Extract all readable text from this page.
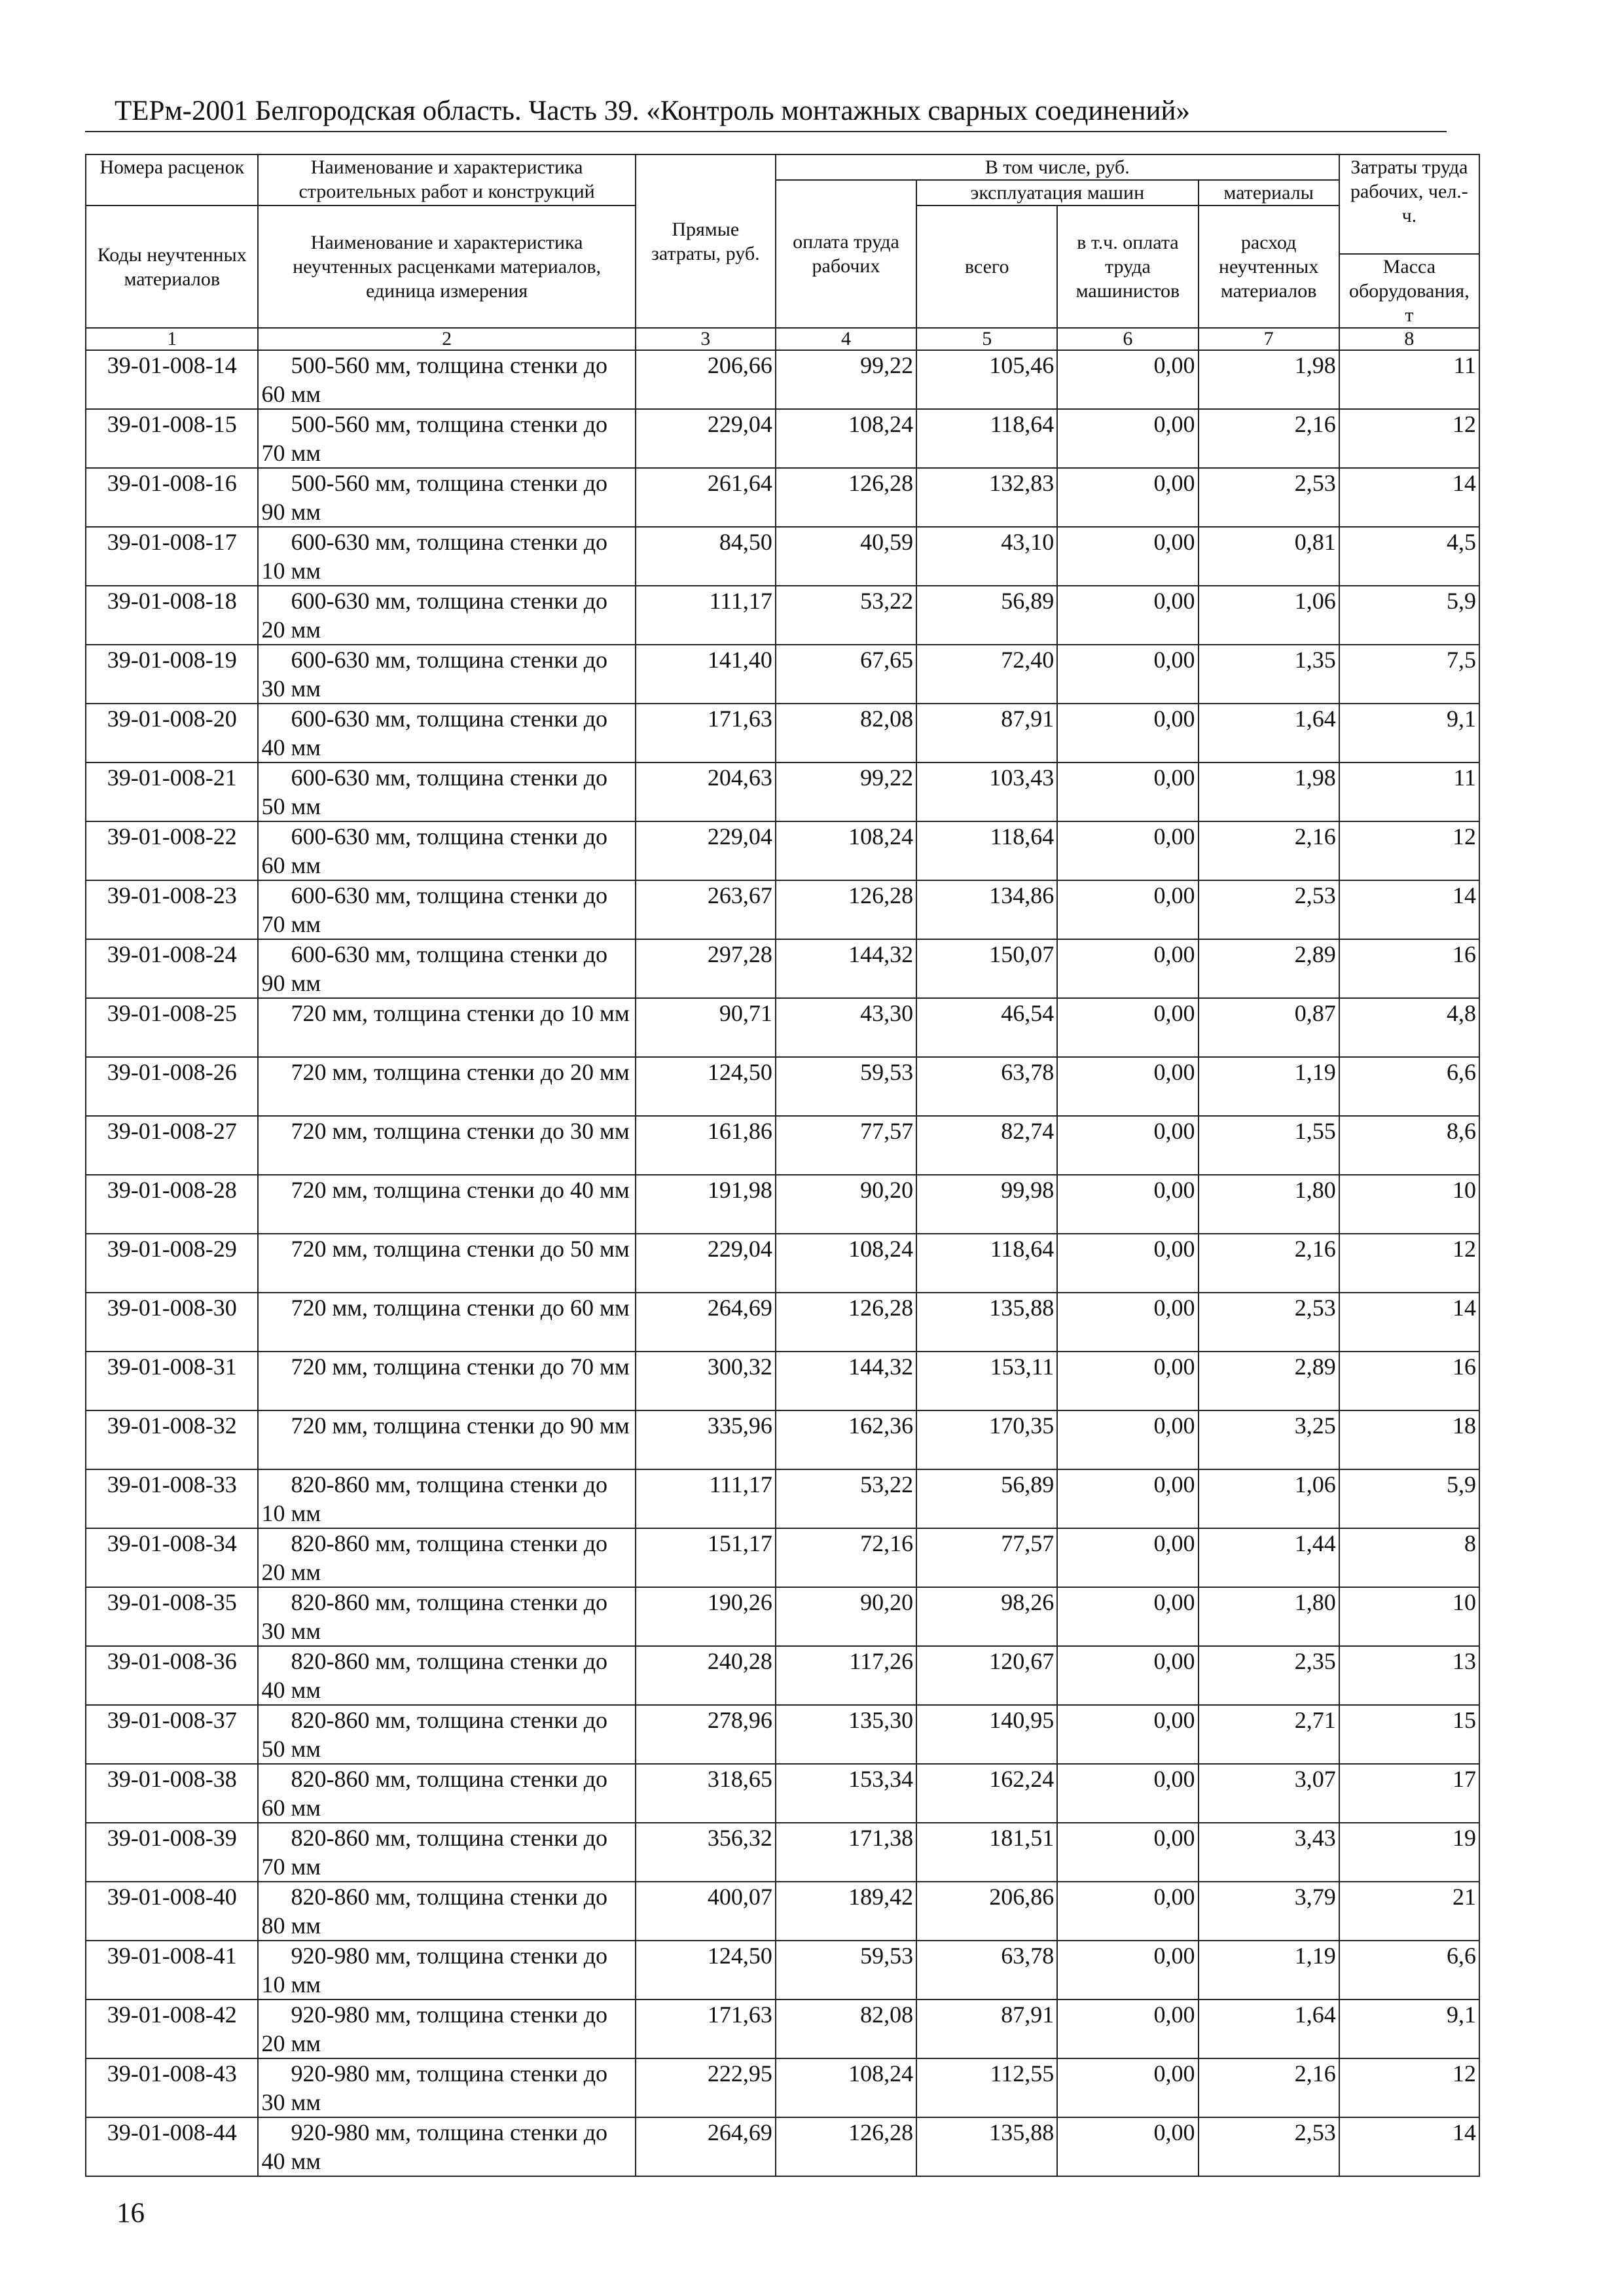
ТЕРм-2001 Белгородская область. Часть 39. «Контроль монтажных сварных соединений»
Номера расценок	Наименование и характеристика строительных работ и конструкций	Прямые затраты, руб.	В том числе, руб.				Затраты труда рабочих, чел.-ч.
			оплата труда рабочих	эксплуатация машин		материалы	
Коды неучтенных материалов	Наименование и характеристика неучтенных расценками материалов, единица измерения			всего	в т.ч. оплата труда машинистов	расход неучтенных материалов	
							Масса оборудования, т
1	2	3	4	5	6	7	8
39-01-008-14	500-560 мм, толщина стенки до 60 мм	206,66	99,22	105,46	0,00	1,98	11
39-01-008-15	500-560 мм, толщина стенки до 70 мм	229,04	108,24	118,64	0,00	2,16	12
39-01-008-16	500-560 мм, толщина стенки до 90 мм	261,64	126,28	132,83	0,00	2,53	14
39-01-008-17	600-630 мм, толщина стенки до 10 мм	84,50	40,59	43,10	0,00	0,81	4,5
39-01-008-18	600-630 мм, толщина стенки до 20 мм	111,17	53,22	56,89	0,00	1,06	5,9
39-01-008-19	600-630 мм, толщина стенки до 30 мм	141,40	67,65	72,40	0,00	1,35	7,5
39-01-008-20	600-630 мм, толщина стенки до 40 мм	171,63	82,08	87,91	0,00	1,64	9,1
39-01-008-21	600-630 мм, толщина стенки до 50 мм	204,63	99,22	103,43	0,00	1,98	11
39-01-008-22	600-630 мм, толщина стенки до 60 мм	229,04	108,24	118,64	0,00	2,16	12
39-01-008-23	600-630 мм, толщина стенки до 70 мм	263,67	126,28	134,86	0,00	2,53	14
39-01-008-24	600-630 мм, толщина стенки до 90 мм	297,28	144,32	150,07	0,00	2,89	16
39-01-008-25	720 мм, толщина стенки до 10 мм	90,71	43,30	46,54	0,00	0,87	4,8
39-01-008-26	720 мм, толщина стенки до 20 мм	124,50	59,53	63,78	0,00	1,19	6,6
39-01-008-27	720 мм, толщина стенки до 30 мм	161,86	77,57	82,74	0,00	1,55	8,6
39-01-008-28	720 мм, толщина стенки до 40 мм	191,98	90,20	99,98	0,00	1,80	10
39-01-008-29	720 мм, толщина стенки до 50 мм	229,04	108,24	118,64	0,00	2,16	12
39-01-008-30	720 мм, толщина стенки до 60 мм	264,69	126,28	135,88	0,00	2,53	14
39-01-008-31	720 мм, толщина стенки до 70 мм	300,32	144,32	153,11	0,00	2,89	16
39-01-008-32	720 мм, толщина стенки до 90 мм	335,96	162,36	170,35	0,00	3,25	18
39-01-008-33	820-860 мм, толщина стенки до 10 мм	111,17	53,22	56,89	0,00	1,06	5,9
39-01-008-34	820-860 мм, толщина стенки до 20 мм	151,17	72,16	77,57	0,00	1,44	8
39-01-008-35	820-860 мм, толщина стенки до 30 мм	190,26	90,20	98,26	0,00	1,80	10
39-01-008-36	820-860 мм, толщина стенки до 40 мм	240,28	117,26	120,67	0,00	2,35	13
39-01-008-37	820-860 мм, толщина стенки до 50 мм	278,96	135,30	140,95	0,00	2,71	15
39-01-008-38	820-860 мм, толщина стенки до 60 мм	318,65	153,34	162,24	0,00	3,07	17
39-01-008-39	820-860 мм, толщина стенки до 70 мм	356,32	171,38	181,51	0,00	3,43	19
39-01-008-40	820-860 мм, толщина стенки до 80 мм	400,07	189,42	206,86	0,00	3,79	21
39-01-008-41	920-980 мм, толщина стенки до 10 мм	124,50	59,53	63,78	0,00	1,19	6,6
39-01-008-42	920-980 мм, толщина стенки до 20 мм	171,63	82,08	87,91	0,00	1,64	9,1
39-01-008-43	920-980 мм, толщина стенки до 30 мм	222,95	108,24	112,55	0,00	2,16	12
39-01-008-44	920-980 мм, толщина стенки до 40 мм	264,69	126,28	135,88	0,00	2,53	14
16
